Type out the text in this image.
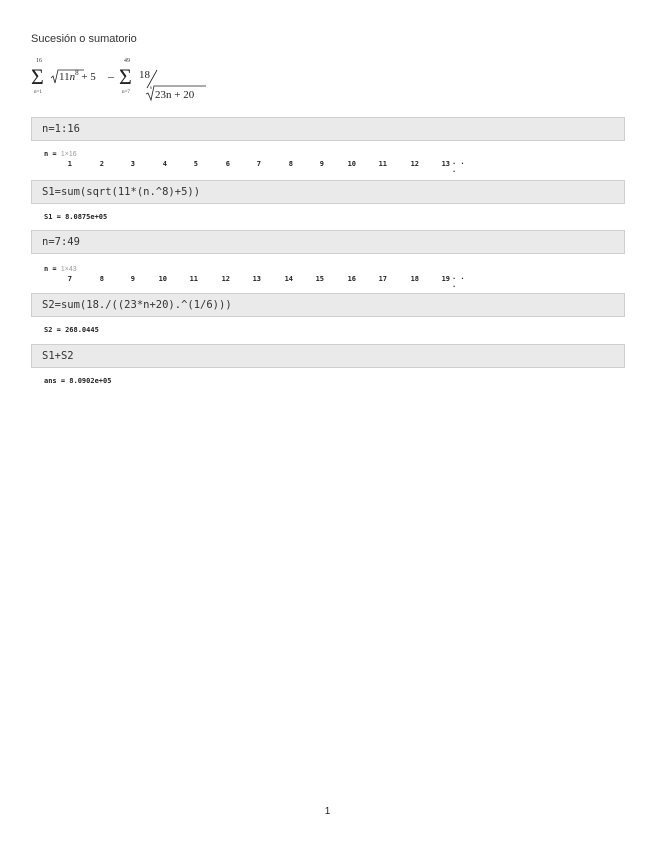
Sucesión o sumatorio
16
Σ
n=1
$11n^8 + 5$ –
49
Σ
n=7
18
6
23n + 20
n=1:16
n = 1×16
1	2	3	4	5	6	7	8	9	10	11	12	13 · · ·
S1=sum(sqrt(11*(n.^8)+5))
S1 = 8.0875e+05
n=7:49
n = 1×43
7	8	9	10	11	12	13	14	15	16	17	18	19 · · ·
S2=sum(18./((23*n+20).^(1/6)))
S2 = 268.0445
S1+S2
ans = 8.0902e+05
1
